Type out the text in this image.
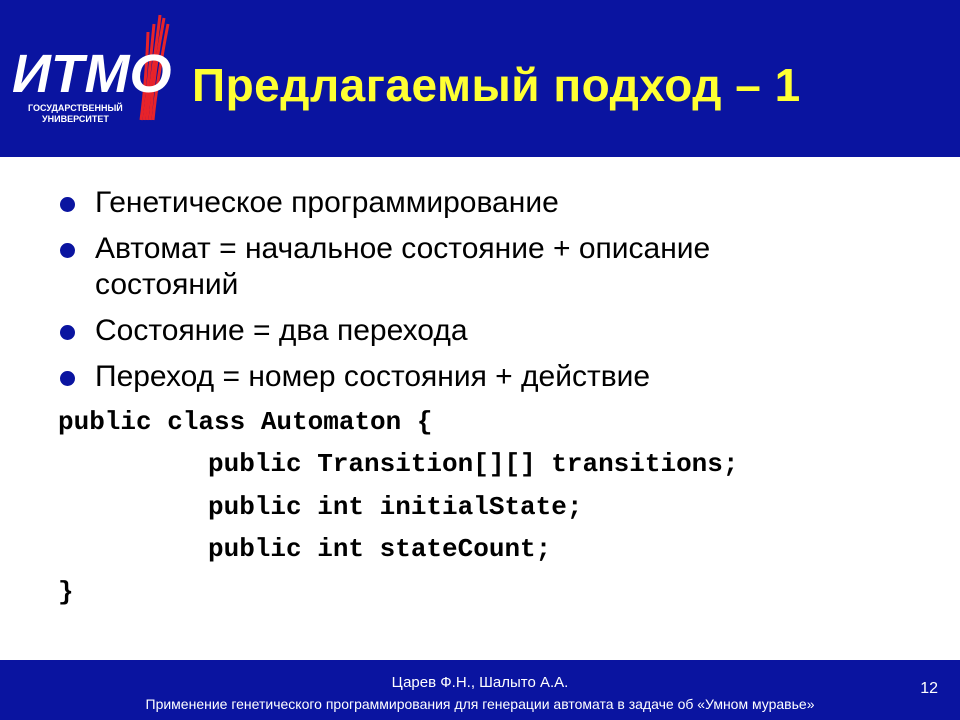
ИТМО
ГОСУДАРСТВЕННЫЙ
УНИВЕРСИТЕТ
Предлагаемый подход – 1
Генетическое программирование
Автомат = начальное состояние + описание состояний
Состояние = два перехода
Переход = номер состояния + действие
public class Automaton {
public Transition[][] transitions;
public int initialState;
public int stateCount;
}
Царев Ф.Н., Шалыто А.А.
Применение генетического программирования для генерации автомата в задаче об «Умном муравье»
12
